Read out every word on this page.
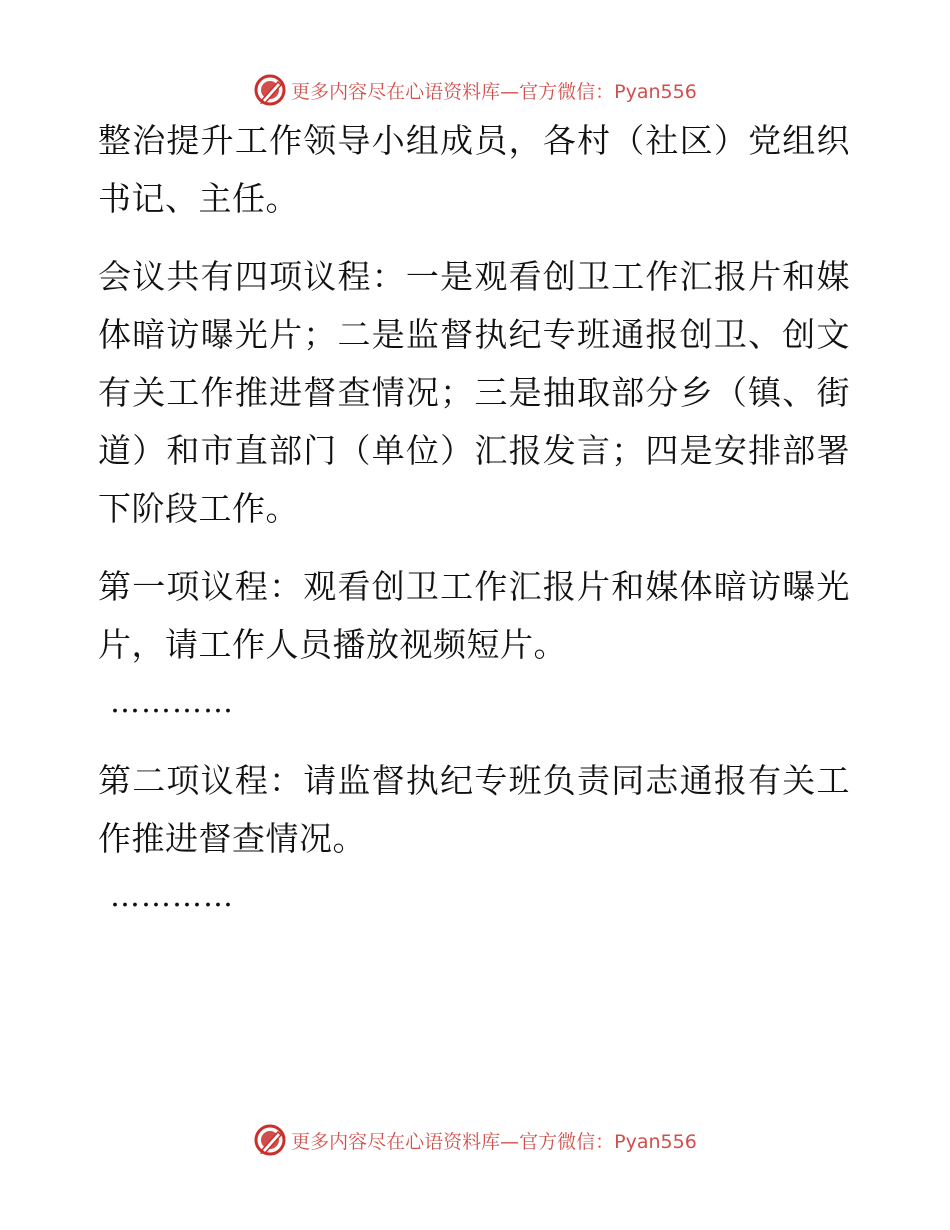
更多内容尽在心语资料库—官方微信：Pyan556

整治提升工作领导小组成员，各村（社区）党组织书记、主任。

会议共有四项议程：一是观看创卫工作汇报片和媒体暗访曝光片；二是监督执纪专班通报创卫、创文有关工作推进督查情况；三是抽取部分乡（镇、街道）和市直部门（单位）汇报发言；四是安排部署下阶段工作。

第一项议程：观看创卫工作汇报片和媒体暗访曝光片，请工作人员播放视频短片。

…………

第二项议程：请监督执纪专班负责同志通报有关工作推进督查情况。

…………

更多内容尽在心语资料库—官方微信：Pyan556
